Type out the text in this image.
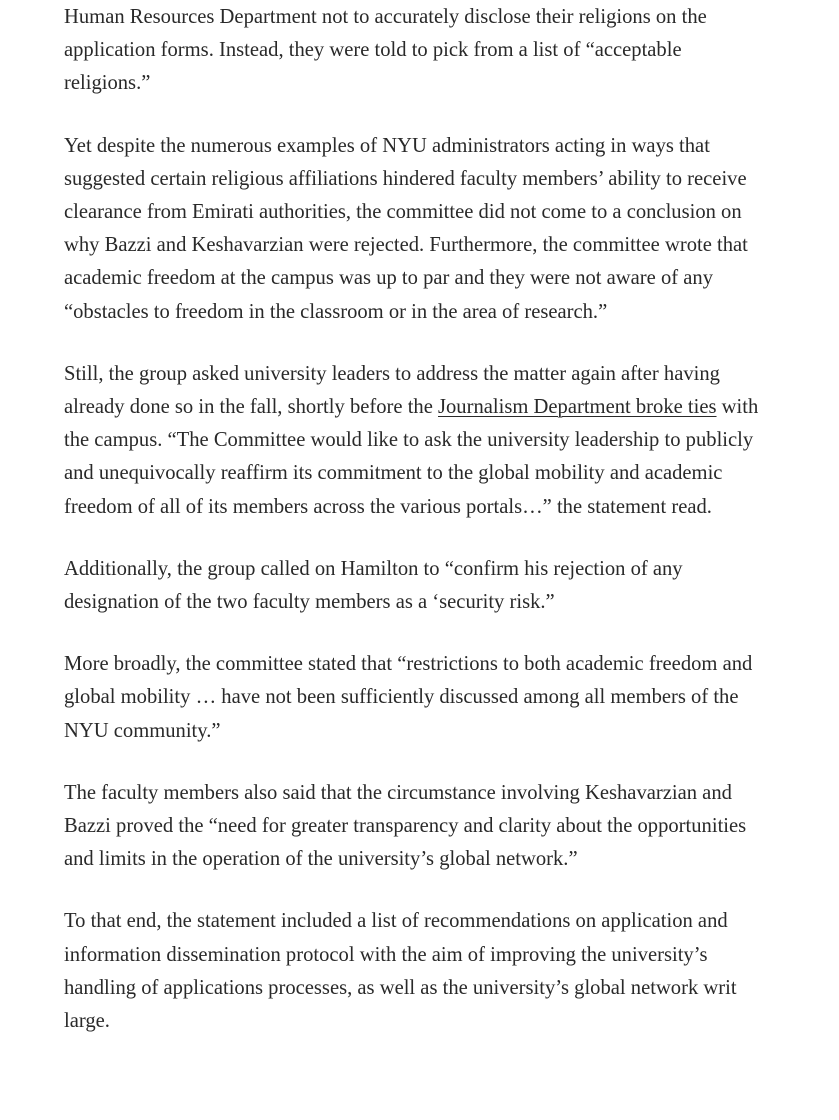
Human Resources Department not to accurately disclose their religions on the application forms. Instead, they were told to pick from a list of “acceptable religions.”

Yet despite the numerous examples of NYU administrators acting in ways that suggested certain religious affiliations hindered faculty members’ ability to receive clearance from Emirati authorities, the committee did not come to a conclusion on why Bazzi and Keshavarzian were rejected. Furthermore, the committee wrote that academic freedom at the campus was up to par and they were not aware of any “obstacles to freedom in the classroom or in the area of research.”

Still, the group asked university leaders to address the matter again after having already done so in the fall, shortly before the Journalism Department broke ties with the campus. “The Committee would like to ask the university leadership to publicly and unequivocally reaffirm its commitment to the global mobility and academic freedom of all of its members across the various portals…” the statement read.

Additionally, the group called on Hamilton to “confirm his rejection of any designation of the two faculty members as a ‘security risk.”

More broadly, the committee stated that “restrictions to both academic freedom and global mobility … have not been sufficiently discussed among all members of the NYU community.”

The faculty members also said that the circumstance involving Keshavarzian and Bazzi proved the “need for greater transparency and clarity about the opportunities and limits in the operation of the university’s global network.”

To that end, the statement included a list of recommendations on application and information dissemination protocol with the aim of improving the university’s handling of applications processes, as well as the university’s global network writ large.
